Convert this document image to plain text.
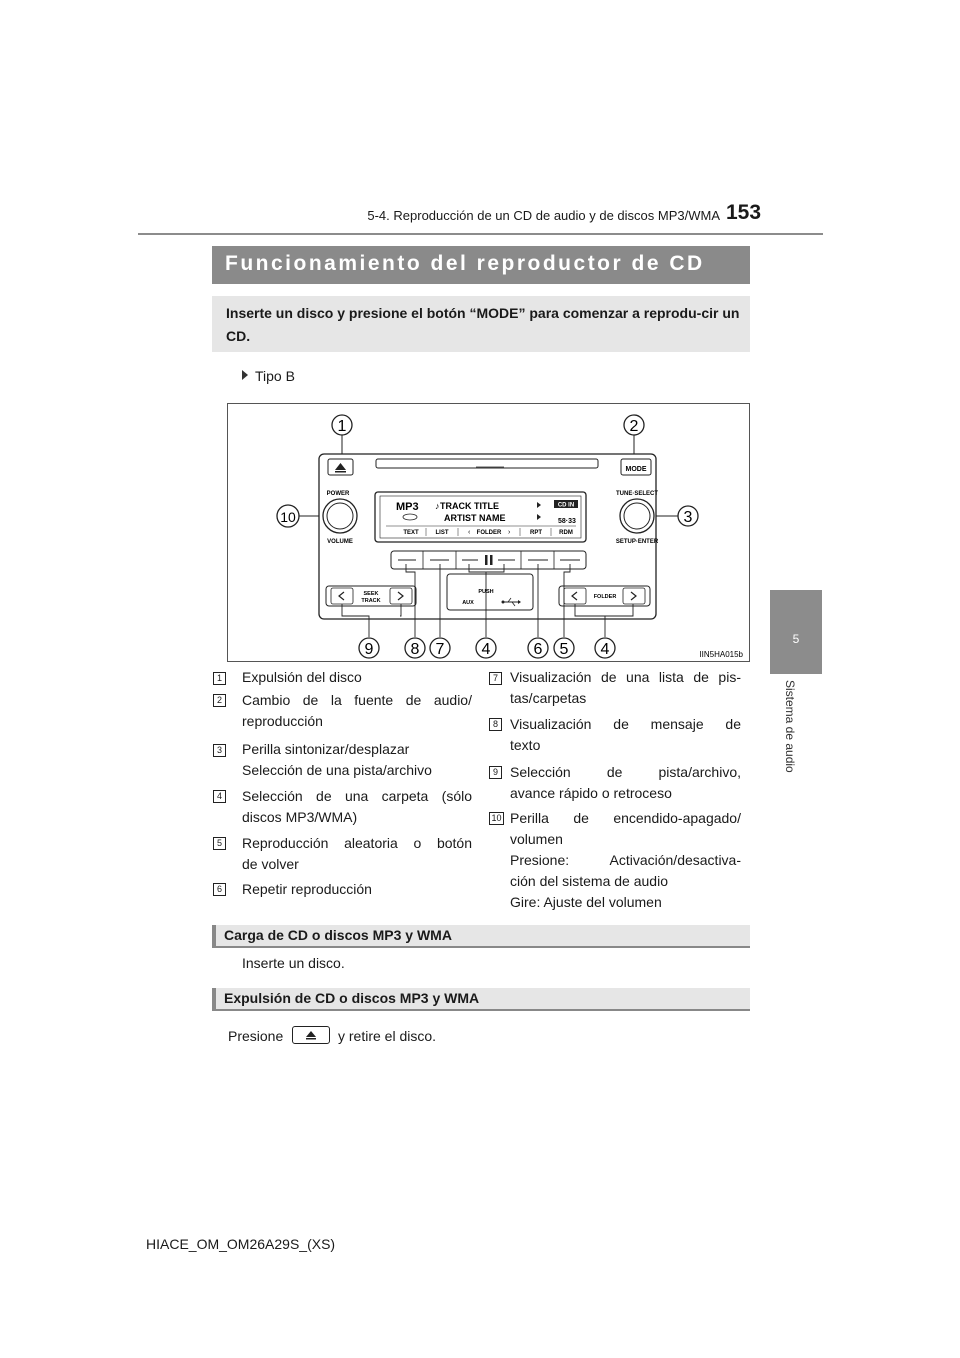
5-4. Reproducción de un CD de audio y de discos MP3/WMA 153
5
Sistema de audio
Funcionamiento del reproductor de CD
Inserte un disco y presione el botón “MODE” para comenzar a reprodu-cir un CD.
Tipo B
1	2
10	3
MODE
POWER
VOLUME
TUNE·SELECT
SETUP·ENTER
MP3 TRACK TITLE
♪	CD IN
ARTIST NAME	58·33
TEXT	LIST	FOLDER
‹	›	RPT	RDM
SEEK
TRACK
PUSH
AUX
FOLDER
9 8 7 4	6 5 4	IIN5HA015b
1 Expulsión del disco
2 Cambio de la fuente de audio/
reproducción
3 Perilla sintonizar/desplazar
Selección de una pista/archivo
4 Selección de una carpeta (sólo
discos MP3/WMA)
5 Reproducción aleatoria o botón
de volver
6 Repetir reproducción
7 Visualización de una lista de pis-
tas/carpetas
8 Visualización de mensaje de
texto
9 Selección de pista/archivo,
avance rápido o retroceso
10 Perilla de encendido-apagado/
volumen
Presione: Activación/desactiva-
ción del sistema de audio
Gire: Ajuste del volumen
Carga de CD o discos MP3 y WMA
Inserte un disco.
Expulsión de CD o discos MP3 y WMA
Presione	y retire el disco.
HIACE_OM_OM26A29S_(XS)
